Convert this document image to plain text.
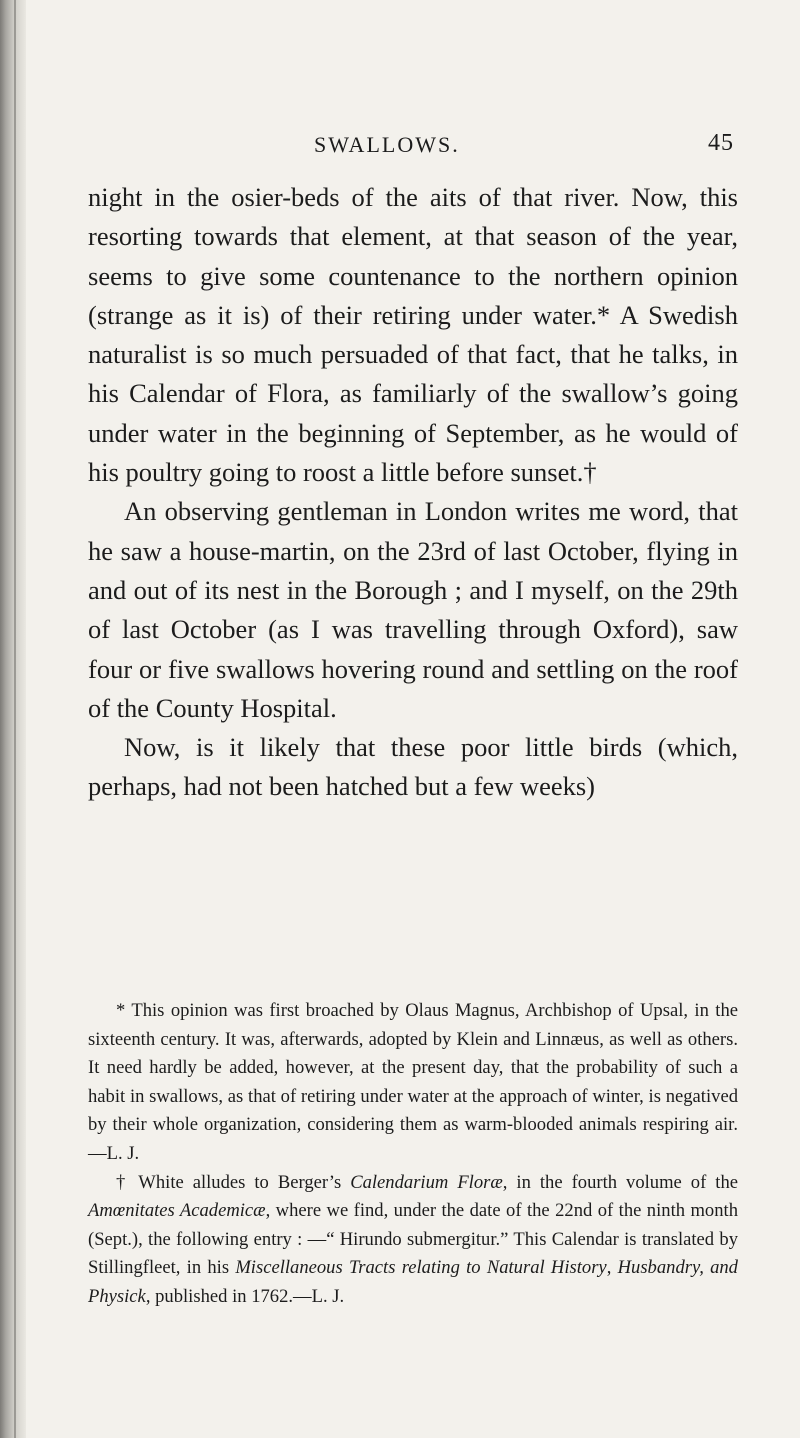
SWALLOWS.	45

night in the osier-beds of the aits of that river. Now, this resorting towards that element, at that season of the year, seems to give some countenance to the northern opinion (strange as it is) of their retiring under water.* A Swedish naturalist is so much persuaded of that fact, that he talks, in his Calendar of Flora, as familiarly of the swallow’s going under water in the beginning of September, as he would of his poultry going to roost a little before sunset.†

An observing gentleman in London writes me word, that he saw a house-martin, on the 23rd of last October, flying in and out of its nest in the Borough ; and I myself, on the 29th of last October (as I was travelling through Oxford), saw four or five swallows hovering round and settling on the roof of the County Hospital.

Now, is it likely that these poor little birds (which, perhaps, had not been hatched but a few weeks)

* This opinion was first broached by Olaus Magnus, Archbishop of Upsal, in the sixteenth century. It was, afterwards, adopted by Klein and Linnæus, as well as others. It need hardly be added, however, at the present day, that the probability of such a habit in swallows, as that of retiring under water at the approach of winter, is negatived by their whole organization, considering them as warm-blooded animals respiring air.—L. J.

† White alludes to Berger’s Calendarium Floræ, in the fourth volume of the Amœnitates Academicæ, where we find, under the date of the 22nd of the ninth month (Sept.), the following entry : —“ Hirundo submergitur.” This Calendar is translated by Stillingfleet, in his Miscellaneous Tracts relating to Natural History, Husbandry, and Physick, published in 1762.—L. J.
